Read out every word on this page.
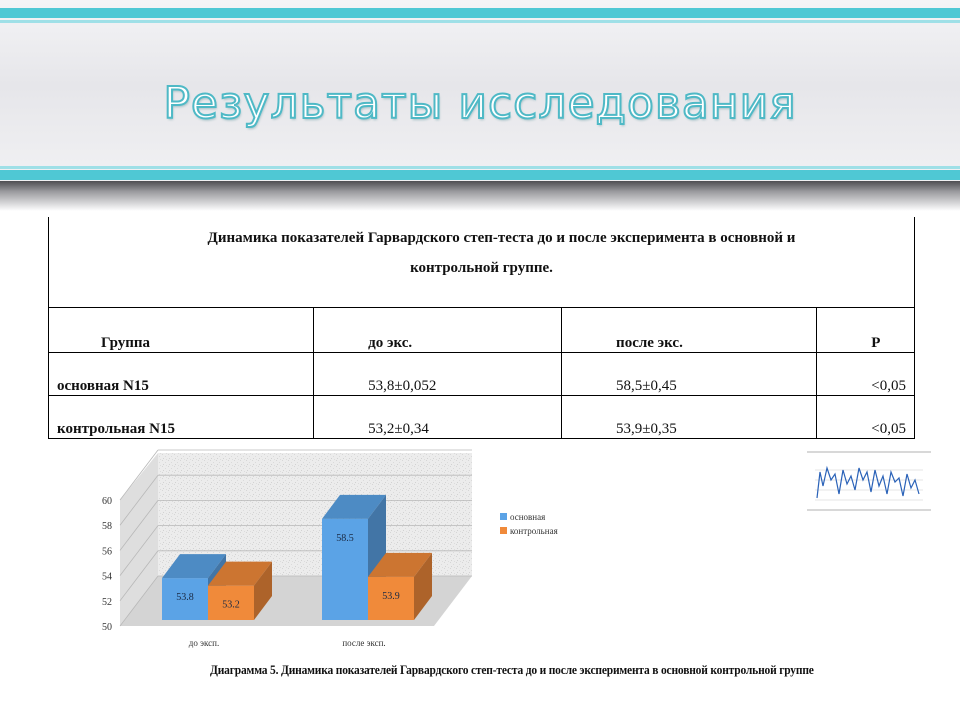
Результаты исследования
Динамика показателей Гарвардского степ-теста до и после эксперимента в основной и
контрольной группе.			
Группа	до экс.	после экс.	P
основная N15	53,8±0,052	58,5±0,45	<0,05
контрольная N15	53,2±0,34	53,9±0,35	<0,05
50
52
54
56
58
60
53.8
53.2
58.5
53.9
до эксп.	после эксп.
основная
контрольная
Диаграмма 5. Динамика показателей Гарвардского степ-теста до и после эксперимента в основной контрольной группе
